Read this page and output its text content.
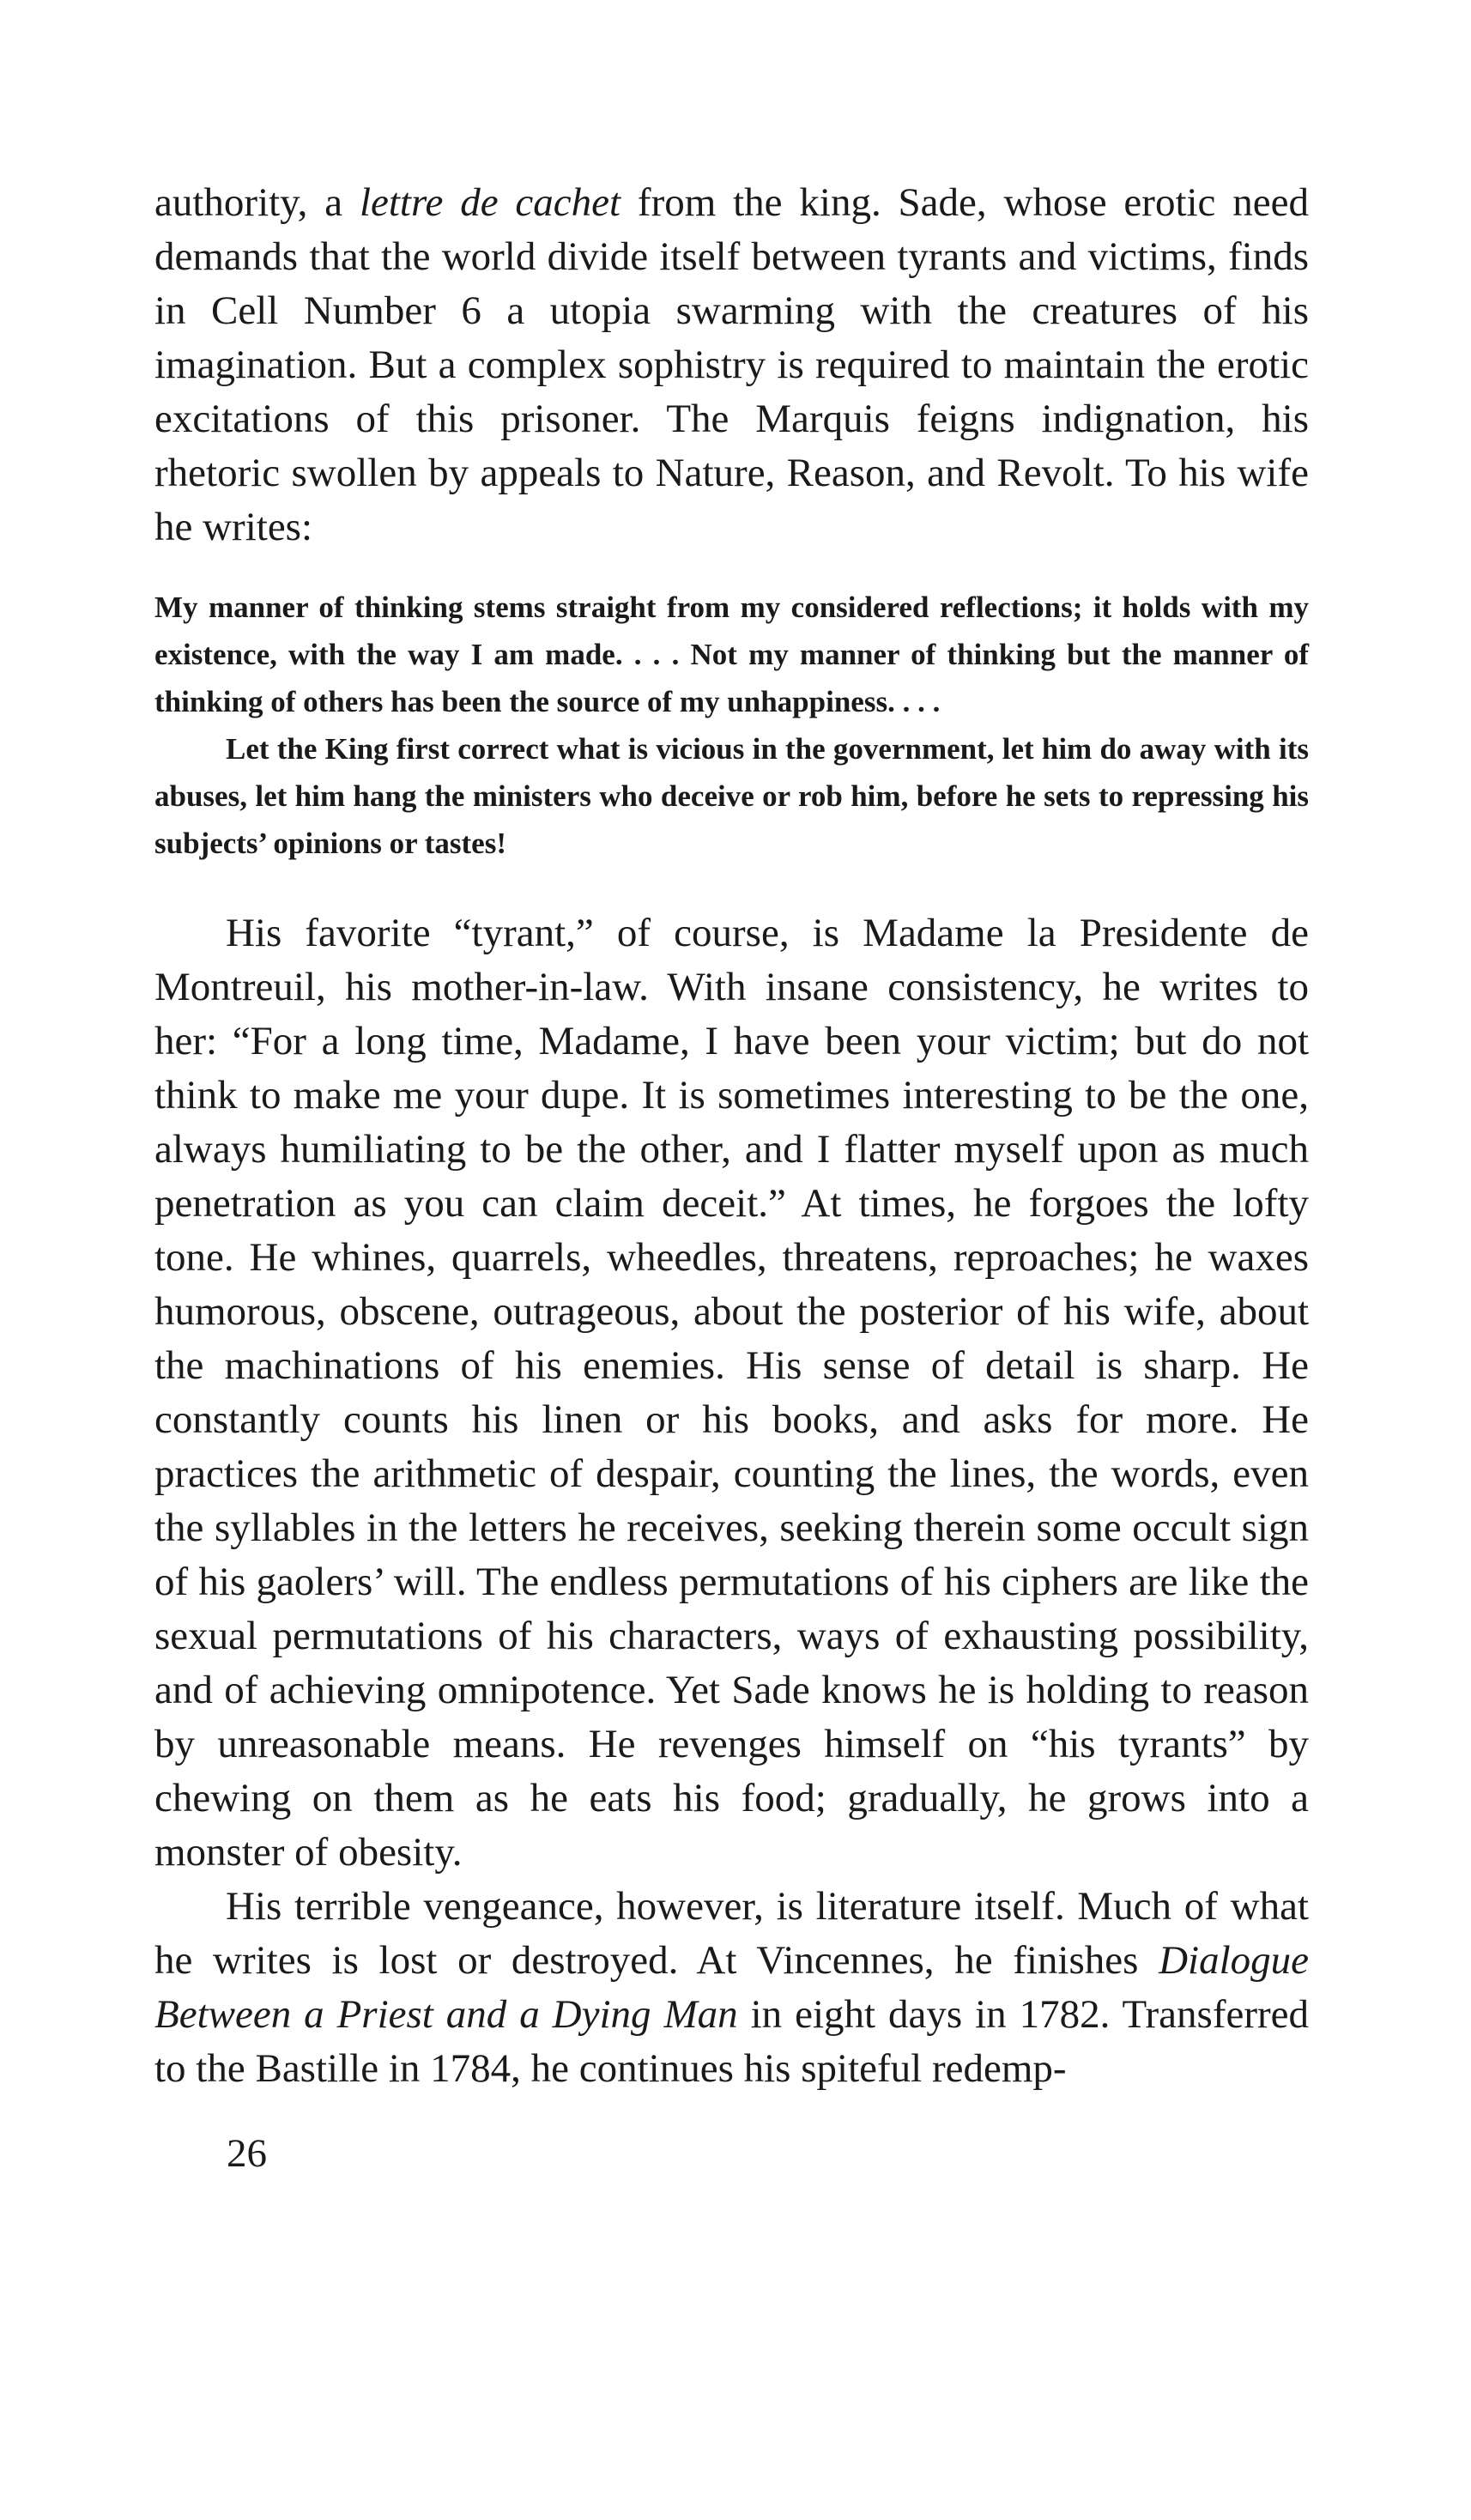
authority, a lettre de cachet from the king. Sade, whose erotic need demands that the world divide itself between tyrants and victims, finds in Cell Number 6 a utopia swarming with the creatures of his imagination. But a complex sophistry is required to maintain the erotic excitations of this prisoner. The Marquis feigns indignation, his rhetoric swollen by appeals to Nature, Reason, and Revolt. To his wife he writes:

My manner of thinking stems straight from my considered reflections; it holds with my existence, with the way I am made. . . . Not my manner of thinking but the manner of thinking of others has been the source of my unhappiness. . . .

Let the King first correct what is vicious in the government, let him do away with its abuses, let him hang the ministers who deceive or rob him, before he sets to repressing his subjects’ opinions or tastes!

His favorite “tyrant,” of course, is Madame la Presidente de Montreuil, his mother-in-law. With insane consistency, he writes to her: “For a long time, Madame, I have been your victim; but do not think to make me your dupe. It is sometimes interesting to be the one, always humiliating to be the other, and I flatter myself upon as much penetration as you can claim deceit.” At times, he forgoes the lofty tone. He whines, quarrels, wheedles, threatens, reproaches; he waxes humorous, obscene, outrageous, about the posterior of his wife, about the machinations of his enemies. His sense of detail is sharp. He constantly counts his linen or his books, and asks for more. He practices the arithmetic of despair, counting the lines, the words, even the syllables in the letters he receives, seeking therein some occult sign of his gaolers’ will. The endless permutations of his ciphers are like the sexual permutations of his characters, ways of exhausting possibility, and of achieving omnipotence. Yet Sade knows he is holding to reason by unreasonable means. He revenges himself on “his tyrants” by chewing on them as he eats his food; gradually, he grows into a monster of obesity.

His terrible vengeance, however, is literature itself. Much of what he writes is lost or destroyed. At Vincennes, he finishes Dialogue Between a Priest and a Dying Man in eight days in 1782. Transferred to the Bastille in 1784, he continues his spiteful redemp-

26
